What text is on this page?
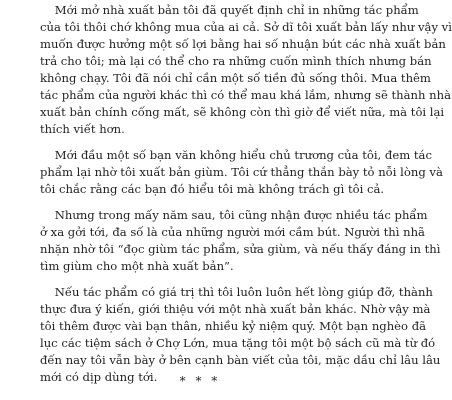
Mới mở nhà xuất bản tôi đã quyết định chỉ in những tác phẩm
của tôi thôi chớ không mua của ai cả. Sở dĩ tôi xuất bản lấy như vậy vì
muốn được hưởng một số lợi bằng hai số nhuận bút các nhà xuất bản
trả cho tôi; mà lại có thể cho ra những cuốn mình thích nhưng bán
không chạy. Tôi đã nói chỉ cần một số tiền đủ sống thôi. Mua thêm
tác phẩm của người khác thì có thể mau khá lắm, nhưng sẽ thành nhà
xuất bản chính cống mất, sẽ không còn thì giờ để viết nữa, mà tôi lại
thích viết hơn.
Mới đầu một số bạn văn không hiểu chủ trương của tôi, đem tác
phẩm lại nhờ tôi xuất bản giùm. Tôi cứ thẳng thắn bày tỏ nỗi lòng và
tôi chắc rằng các bạn đó hiểu tôi mà không trách gì tôi cả.
Nhưng trong mấy năm sau, tôi cũng nhận được nhiều tác phẩm
ở xa gởi tới, đa số là của những người mới cầm bút. Người thì nhã
nhặn nhờ tôi “đọc giùm tác phẩm, sửa giùm, và nếu thấy đáng in thì
tìm giùm cho một nhà xuất bản”.
Nếu tác phẩm có giá trị thì tôi luôn luôn hết lòng giúp đỡ, thành
thực đưa ý kiến, giới thiệu với một nhà xuất bản khác. Nhờ vậy mà
tôi thêm được vài bạn thân, nhiều kỷ niệm quý. Một bạn nghèo đã
lục các tiệm sách ở Chợ Lớn, mua tặng tôi một bộ sách cũ mà từ đó
đến nay tôi vẫn bày ở bên cạnh bàn viết của tôi, mặc dầu chỉ lâu lâu
mới có dịp dùng tới.	* * *
